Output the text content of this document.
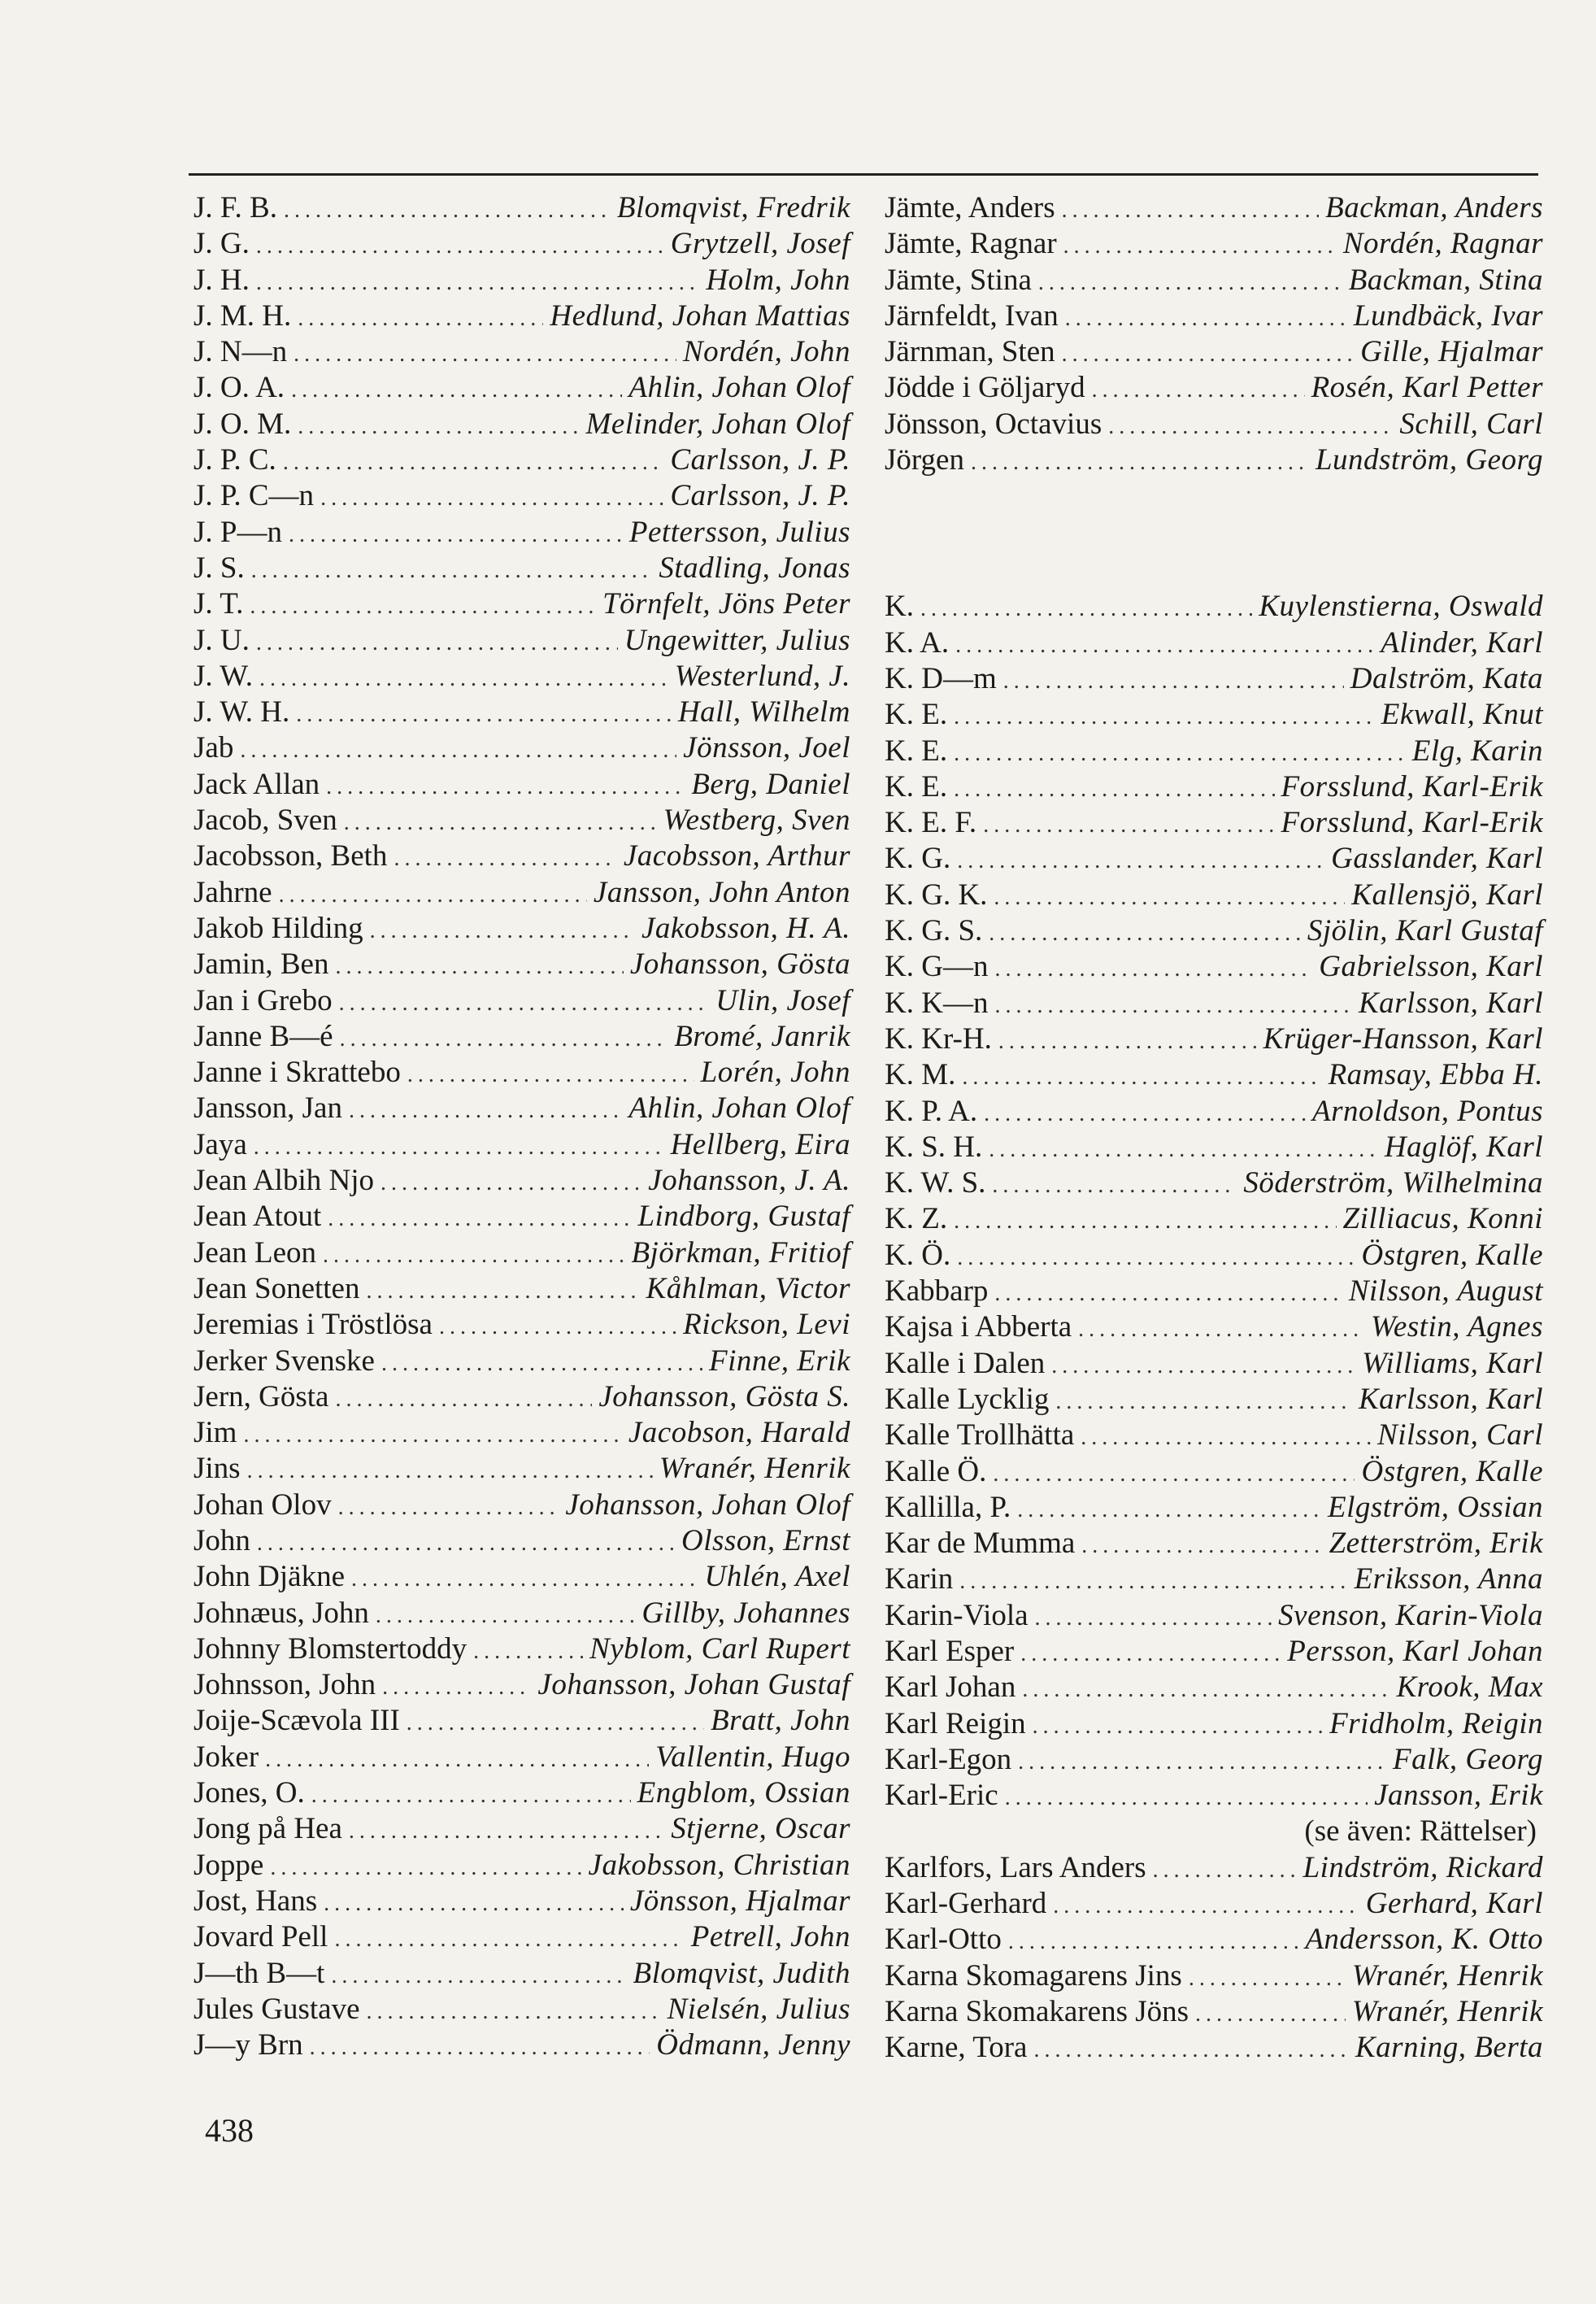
J. F. B. .....	Blomqvist, Fredrik
J. G. .....	Grytzell, Josef
J. H. .....	Holm, John
J. M. H. .....	Hedlund, Johan Mattias
J. N—n .....	Nordén, John
J. O. A. .....	Ahlin, Johan Olof
J. O. M. .....	Melinder, Johan Olof
J. P. C. .....	Carlsson, J. P.
J. P. C—n .....	Carlsson, J. P.
J. P—n .....	Pettersson, Julius
J. S. .....	Stadling, Jonas
J. T. .....	Törnfelt, Jöns Peter
J. U. .....	Ungewitter, Julius
J. W. .....	Westerlund, J.
J. W. H. .....	Hall, Wilhelm
Jab .....	Jönsson, Joel
Jack Allan .....	Berg, Daniel
Jacob, Sven .....	Westberg, Sven
Jacobsson, Beth .....	Jacobsson, Arthur
Jahrne .....	Jansson, John Anton
Jakob Hilding .....	Jakobsson, H. A.
Jamin, Ben .....	Johansson, Gösta
Jan i Grebo .....	Ulin, Josef
Janne B—é .....	Bromé, Janrik
Janne i Skrattebo .....	Lorén, John
Jansson, Jan .....	Ahlin, Johan Olof
Jaya .....	Hellberg, Eira
Jean Albih Njo .....	Johansson, J. A.
Jean Atout .....	Lindborg, Gustaf
Jean Leon .....	Björkman, Fritiof
Jean Sonetten .....	Kåhlman, Victor
Jeremias i Tröstlösa .....	Rickson, Levi
Jerker Svenske .....	Finne, Erik
Jern, Gösta .....	Johansson, Gösta S.
Jim .....	Jacobson, Harald
Jins .....	Wranér, Henrik
Johan Olov .....	Johansson, Johan Olof
John .....	Olsson, Ernst
John Djäkne .....	Uhlén, Axel
Johnæus, John .....	Gillby, Johannes
Johnny Blomstertoddy .....	Nyblom, Carl Rupert
Johnsson, John .....	Johansson, Johan Gustaf
Joije-Scævola III .....	Bratt, John
Joker .....	Vallentin, Hugo
Jones, O. .....	Engblom, Ossian
Jong på Hea .....	Stjerne, Oscar
Joppe .....	Jakobsson, Christian
Jost, Hans .....	Jönsson, Hjalmar
Jovard Pell .....	Petrell, John
J—th B—t .....	Blomqvist, Judith
Jules Gustave .....	Nielsén, Julius
J—y Brn .....	Ödmann, Jenny
Jämte, Anders .....	Backman, Anders
Jämte, Ragnar .....	Nordén, Ragnar
Jämte, Stina .....	Backman, Stina
Järnfeldt, Ivan .....	Lundbäck, Ivar
Järnman, Sten .....	Gille, Hjalmar
Jödde i Göljaryd .....	Rosén, Karl Petter
Jönsson, Octavius .....	Schill, Carl
Jörgen .....	Lundström, Georg
K. .....	Kuylenstierna, Oswald
K. A. .....	Alinder, Karl
K. D—m .....	Dalström, Kata
K. E. .....	Ekwall, Knut
K. E. .....	Elg, Karin
K. E. .....	Forsslund, Karl-Erik
K. E. F. .....	Forsslund, Karl-Erik
K. G. .....	Gasslander, Karl
K. G. K. .....	Kallensjö, Karl
K. G. S. .....	Sjölin, Karl Gustaf
K. G—n .....	Gabrielsson, Karl
K. K—n .....	Karlsson, Karl
K. Kr-H. .....	Krüger-Hansson, Karl
K. M. .....	Ramsay, Ebba H.
K. P. A. .....	Arnoldson, Pontus
K. S. H. .....	Haglöf, Karl
K. W. S. .....	Söderström, Wilhelmina
K. Z. .....	Zilliacus, Konni
K. Ö. .....	Östgren, Kalle
Kabbarp .....	Nilsson, August
Kajsa i Abberta .....	Westin, Agnes
Kalle i Dalen .....	Williams, Karl
Kalle Lycklig .....	Karlsson, Karl
Kalle Trollhätta .....	Nilsson, Carl
Kalle Ö. .....	Östgren, Kalle
Kallilla, P. .....	Elgström, Ossian
Kar de Mumma .....	Zetterström, Erik
Karin .....	Eriksson, Anna
Karin-Viola .....	Svenson, Karin-Viola
Karl Esper .....	Persson, Karl Johan
Karl Johan .....	Krook, Max
Karl Reigin .....	Fridholm, Reigin
Karl-Egon .....	Falk, Georg
Karl-Eric .....	Jansson, Erik
(se även: Rättelser)
Karlfors, Lars Anders .....	Lindström, Rickard
Karl-Gerhard .....	Gerhard, Karl
Karl-Otto .....	Andersson, K. Otto
Karna Skomagarens Jins .....	Wranér, Henrik
Karna Skomakarens Jöns .....	Wranér, Henrik
Karne, Tora .....	Karning, Berta
438
